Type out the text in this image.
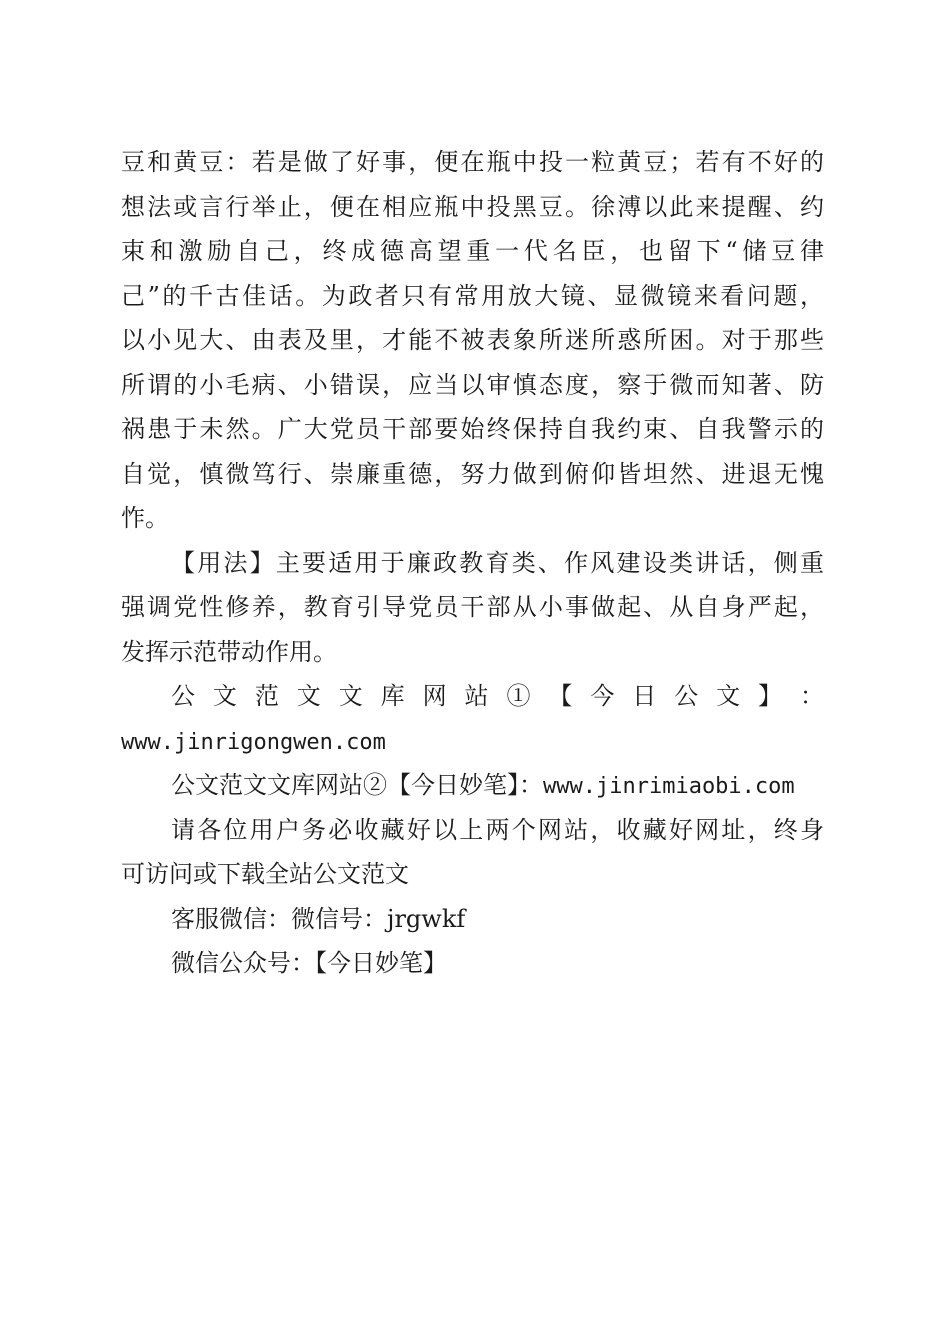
豆和黄豆：若是做了好事，便在瓶中投一粒黄豆；若有不好的
想法或言行举止，便在相应瓶中投黑豆。徐溥以此来提醒、约
束和激励自己，终成德高望重一代名臣，也留下“储豆律
己”的千古佳话。为政者只有常用放大镜、显微镜来看问题，
以小见大、由表及里，才能不被表象所迷所惑所困。对于那些
所谓的小毛病、小错误，应当以审慎态度，察于微而知著、防
祸患于未然。广大党员干部要始终保持自我约束、自我警示的
自觉，慎微笃行、崇廉重德，努力做到俯仰皆坦然、进退无愧
怍。
【用法】主要适用于廉政教育类、作风建设类讲话，侧重
强调党性修养，教育引导党员干部从小事做起、从自身严起，
发挥示范带动作用。
公 文 范 文 文 库 网 站 ① 【 今 日 公 文 】 ：
www.jinrigongwen.com
公文范文文库网站②【今日妙笔】：www.jinrimiaobi.com
请各位用户务必收藏好以上两个网站，收藏好网址，终身
可访问或下载全站公文范文
客服微信：微信号：jrgwkf
微信公众号：【今日妙笔】
